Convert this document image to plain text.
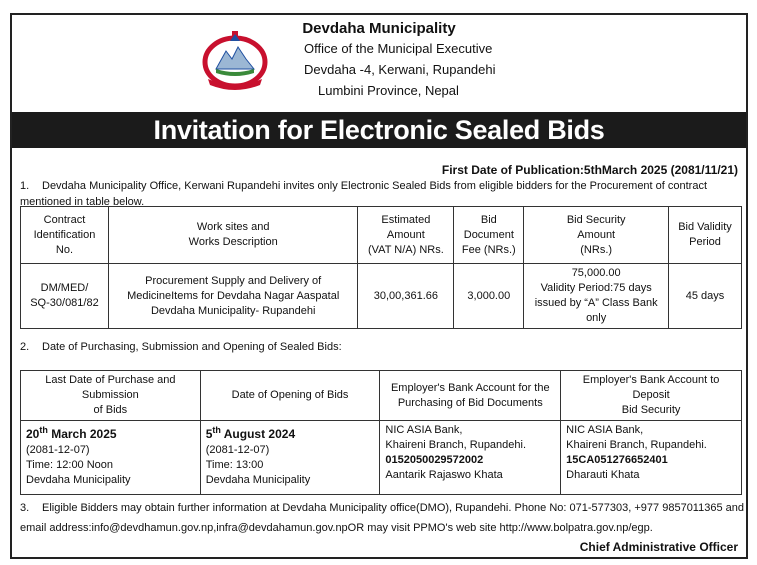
Devdaha Municipality
Office of the Municipal Executive
Devdaha -4, Kerwani, Rupandehi
Lumbini Province, Nepal
Invitation for Electronic Sealed Bids
First Date of Publication:5thMarch 2025 (2081/11/21)
1. Devdaha Municipality Office, Kerwani Rupandehi invites only Electronic Sealed Bids from eligible bidders for the Procurement of contract mentioned in table below.
Contract
Identification No.	Work sites and
Works Description	Estimated Amount
(VAT N/A) NRs.	Bid
Document
Fee (NRs.)	Bid Security
Amount
(NRs.)	Bid Validity
Period
DM/MED/
SQ-30/081/82	Procurement Supply and Delivery of
MedicineItems for Devdaha Nagar Aaspatal
Devdaha Municipality- Rupandehi	30,00,361.66	3,000.00	75,000.00
Validity Period:75 days
issued by “A” Class Bank only	45 days
2. Date of Purchasing, Submission and Opening of Sealed Bids:
Last Date of Purchase and Submission
of Bids	Date of Opening of Bids	Employer's Bank Account for the
Purchasing of Bid Documents	Employer's Bank Account to Deposit
Bid Security
20th March 2025
(2081-12-07)
Time: 12:00 Noon
Devdaha Municipality	5th August 2024
(2081-12-07)
Time: 13:00
Devdaha Municipality	NIC ASIA Bank,
Khaireni Branch, Rupandehi.
0152050029572002
Aantarik Rajaswo Khata	NIC ASIA Bank,
Khaireni Branch, Rupandehi.
15CA051276652401
Dharauti Khata
3. Eligible Bidders may obtain further information at Devdaha Municipality office(DMO), Rupandehi. Phone No: 071-577303, +977 9857011365 and email address:info@devdhamun.gov.np,infra@devdahamun.gov.npOR may visit PPMO's web site http://www.bolpatra.gov.np/egp.
Chief Administrative Officer
